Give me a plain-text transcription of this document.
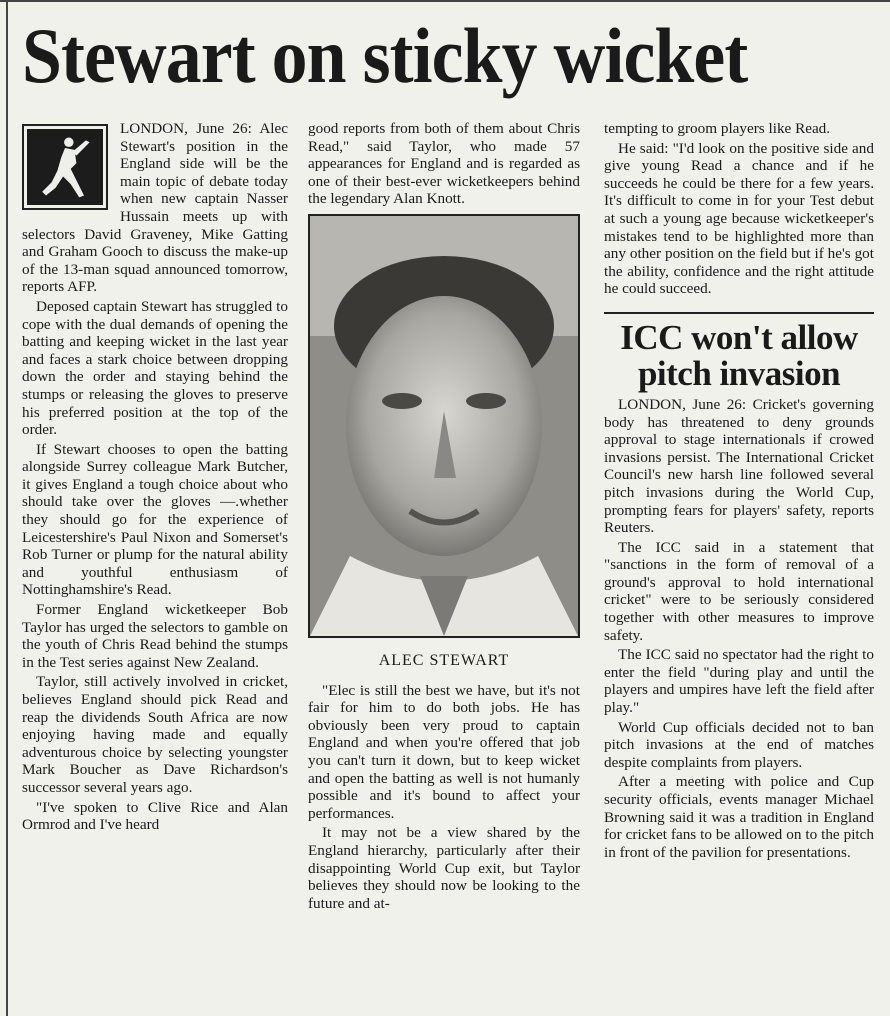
Stewart on sticky wicket

LONDON, June 26: Alec Stewart's position in the England side will be the main topic of debate today when new captain Nasser Hussain meets up with selectors David Graveney, Mike Gatting and Graham Gooch to discuss the make-up of the 13-man squad announced tomorrow, reports AFP.

Deposed captain Stewart has struggled to cope with the dual demands of opening the batting and keeping wicket in the last year and faces a stark choice between dropping down the order and staying behind the stumps or releasing the gloves to preserve his preferred position at the top of the order.

If Stewart chooses to open the batting alongside Surrey colleague Mark Butcher, it gives England a tough choice about who should take over the gloves —.whether they should go for the experience of Leicestershire's Paul Nixon and Somerset's Rob Turner or plump for the natural ability and youthful enthusiasm of Nottinghamshire's Read.

Former England wicketkeeper Bob Taylor has urged the selectors to gamble on the youth of Chris Read behind the stumps in the Test series against New Zealand.

Taylor, still actively involved in cricket, believes England should pick Read and reap the dividends South Africa are now enjoying having made and equally adventurous choice by selecting youngster Mark Boucher as Dave Richardson's successor several years ago.

"I've spoken to Clive Rice and Alan Ormrod and I've heard

good reports from both of them about Chris Read," said Taylor, who made 57 appearances for England and is regarded as one of their best-ever wicketkeepers behind the legendary Alan Knott.

ALEC STEWART

"Elec is still the best we have, but it's not fair for him to do both jobs. He has obviously been very proud to captain England and when you're offered that job you can't turn it down, but to keep wicket and open the batting as well is not humanly possible and it's bound to affect your performances.

It may not be a view shared by the England hierarchy, particularly after their disappointing World Cup exit, but Taylor believes they should now be looking to the future and at-

tempting to groom players like Read.

He said: "I'd look on the positive side and give young Read a chance and if he succeeds he could be there for a few years. It's difficult to come in for your Test debut at such a young age because wicketkeeper's mistakes tend to be highlighted more than any other position on the field but if he's got the ability, confidence and the right attitude he could succeed.

ICC won't allow pitch invasion

LONDON, June 26: Cricket's governing body has threatened to deny grounds approval to stage internationals if crowed invasions persist. The International Cricket Council's new harsh line followed several pitch invasions during the World Cup, prompting fears for players' safety, reports Reuters.

The ICC said in a statement that "sanctions in the form of removal of a ground's approval to hold international cricket" were to be seriously considered together with other measures to improve safety.

The ICC said no spectator had the right to enter the field "during play and until the players and umpires have left the field after play."

World Cup officials decided not to ban pitch invasions at the end of matches despite complaints from players.

After a meeting with police and Cup security officials, events manager Michael Browning said it was a tradition in England for cricket fans to be allowed on to the pitch in front of the pavilion for presentations.
